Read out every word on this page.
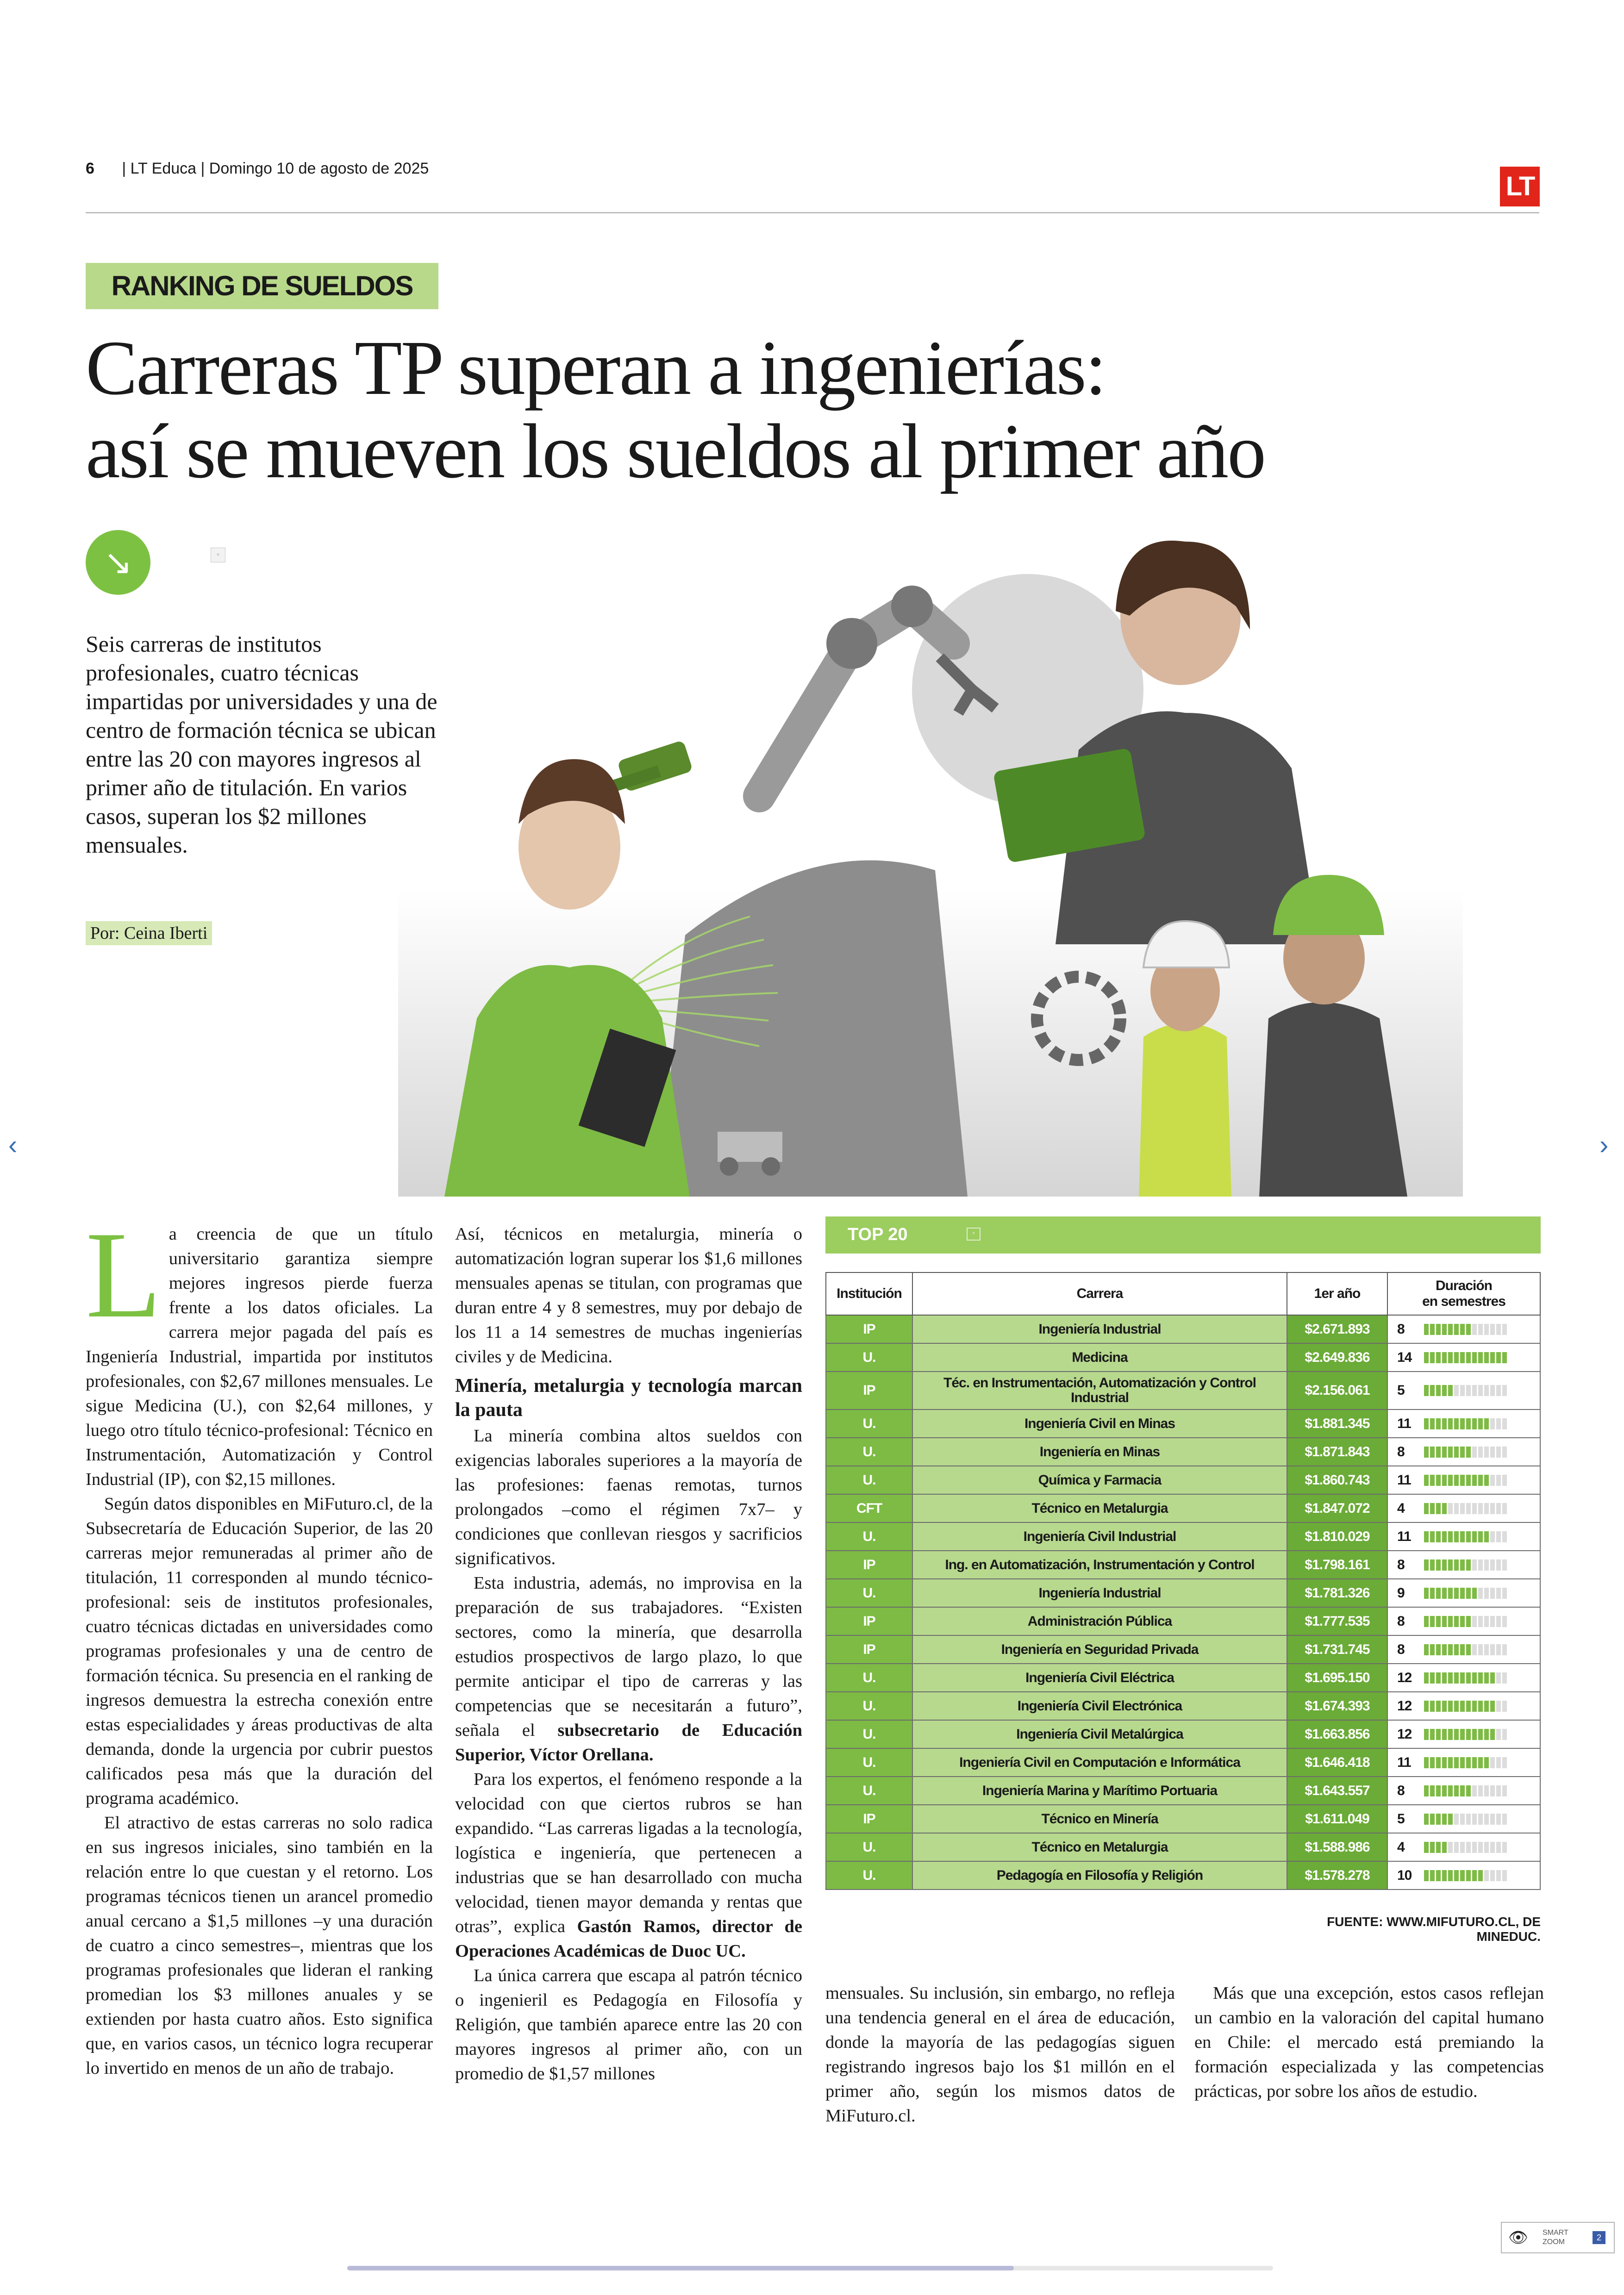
6 | LT Educa | Domingo 10 de agosto de 2025
LT
RANKING DE SUELDOS
Carreras TP superan a ingenierías:
así se mueven los sueldos al primer año
↘	▫

Seis carreras de institutos profesionales, cuatro técnicas impartidas por universidades y una de centro de formación técnica se ubican entre las 20 con mayores ingresos al primer año de titulación. En varios casos, superan los $2 millones mensuales.

Por: Ceina Iberti
‹	›

La creencia de que un título universitario garantiza siempre mejores ingresos pierde fuerza frente a los datos oficiales. La carrera mejor pagada del país es Ingeniería Industrial, impartida por institutos profesionales, con $2,67 millones mensuales. Le sigue Medicina (U.), con $2,64 millones, y luego otro título técnico-profesional: Técnico en Instrumentación, Automatización y Control Industrial (IP), con $2,15 millones.

Según datos disponibles en MiFuturo.cl, de la Subsecretaría de Educación Superior, de las 20 carreras mejor remuneradas al primer año de titulación, 11 corresponden al mundo técnico-profesional: seis de institutos profesionales, cuatro técnicas dictadas en universidades como programas profesionales y una de centro de formación técnica. Su presencia en el ranking de ingresos demuestra la estrecha conexión entre estas especialidades y áreas productivas de alta demanda, donde la urgencia por cubrir puestos calificados pesa más que la duración del programa académico.

El atractivo de estas carreras no solo radica en sus ingresos iniciales, sino también en la relación entre lo que cuestan y el retorno. Los programas técnicos tienen un arancel promedio anual cercano a $1,5 millones –y una duración de cuatro a cinco semestres–, mientras que los programas profesionales que lideran el ranking promedian los $3 millones anuales y se extienden por hasta cuatro años. Esto significa que, en varios casos, un técnico logra recuperar lo invertido en menos de un año de trabajo.

Así, técnicos en metalurgia, minería o automatización logran superar los $1,6 millones mensuales apenas se titulan, con programas que duran entre 4 y 8 semestres, muy por debajo de los 11 a 14 semestres de muchas ingenierías civiles y de Medicina.

Minería, metalurgia y tecnología marcan la pauta

La minería combina altos sueldos con exigencias laborales superiores a la mayoría de las profesiones: faenas remotas, turnos prolongados –como el régimen 7x7– y condiciones que conllevan riesgos y sacrificios significativos.

Esta industria, además, no improvisa en la preparación de sus trabajadores. “Existen sectores, como la minería, que desarrolla estudios prospectivos de largo plazo, lo que permite anticipar el tipo de carreras y las competencias que se necesitarán a futuro”, señala el subsecretario de Educación Superior, Víctor Orellana.

Para los expertos, el fenómeno responde a la velocidad con que ciertos rubros se han expandido. “Las carreras ligadas a la tecnología, logística e ingeniería, que pertenecen a industrias que se han desarrollado con mucha velocidad, tienen mayor demanda y rentas que otras”, explica Gastón Ramos, director de Operaciones Académicas de Duoc UC.

La única carrera que escapa al patrón técnico o ingenieril es Pedagogía en Filosofía y Religión, que también aparece entre las 20 con mayores ingresos al primer año, con un promedio de $1,57 millones

TOP 20	▫
Institución	Carrera	1er año	Duración
en semestres	
IP	Ingeniería Industrial	$2.671.893	8	

U.	Medicina	$2.649.836	14	

IP	Téc. en Instrumentación, Automatización y Control Industrial	$2.156.061	5	

U.	Ingeniería Civil en Minas	$1.881.345	11	

U.	Ingeniería en Minas	$1.871.843	8	

U.	Química y Farmacia	$1.860.743	11	

CFT	Técnico en Metalurgia	$1.847.072	4	

U.	Ingeniería Civil Industrial	$1.810.029	11	

IP	Ing. en Automatización, Instrumentación y Control	$1.798.161	8	

U.	Ingeniería Industrial	$1.781.326	9	

IP	Administración Pública	$1.777.535	8	

IP	Ingeniería en Seguridad Privada	$1.731.745	8	

U.	Ingeniería Civil Eléctrica	$1.695.150	12	

U.	Ingeniería Civil Electrónica	$1.674.393	12	

U.	Ingeniería Civil Metalúrgica	$1.663.856	12	

U.	Ingeniería Civil en Computación e Informática	$1.646.418	11	

U.	Ingeniería Marina y Marítimo Portuaria	$1.643.557	8	

IP	Técnico en Minería	$1.611.049	5	

U.	Técnico en Metalurgia	$1.588.986	4	

U.	Pedagogía en Filosofía y Religión	$1.578.278	10	
FUENTE: WWW.MIFUTURO.CL, DE MINEDUC.

mensuales. Su inclusión, sin embargo, no refleja una tendencia general en el área de educación, donde la mayoría de las pedagogías siguen registrando ingresos bajo los $1 millón en el primer año, según los mismos datos de MiFuturo.cl.

Más que una excepción, estos casos reflejan un cambio en la valoración del capital humano en Chile: el mercado está premiando la formación especializada y las competencias prácticas, por sobre los años de estudio.

👁 SMART
ZOOM	2
